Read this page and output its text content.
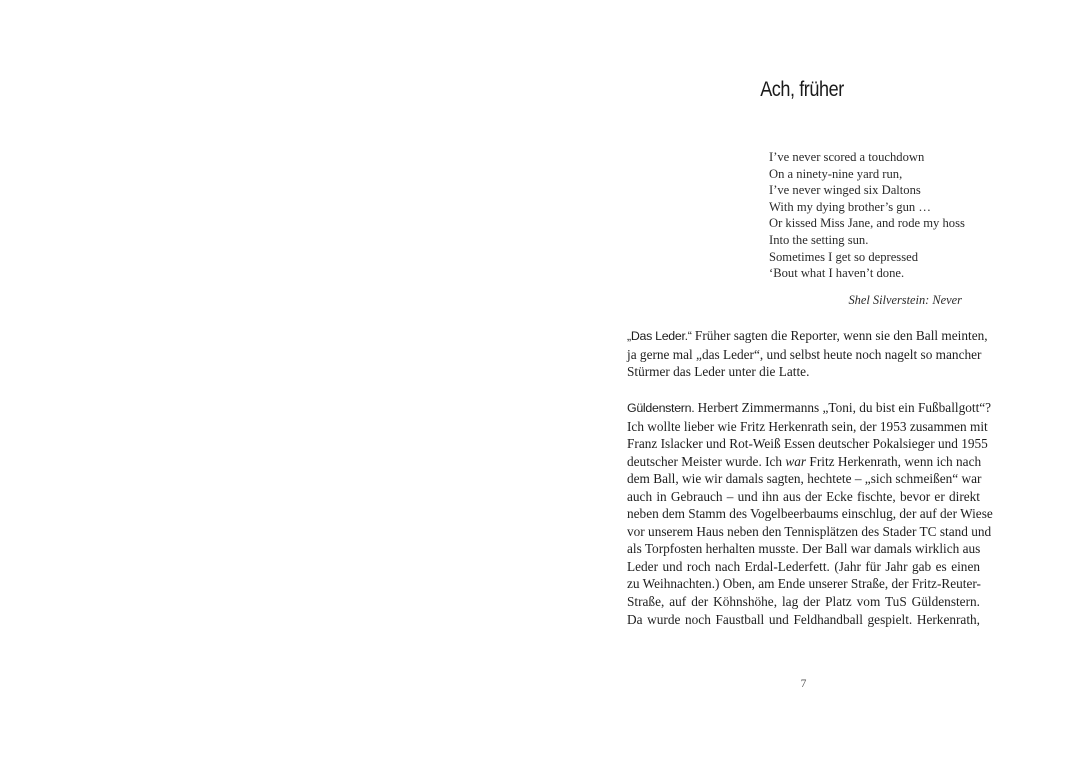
Ach, früher
I’ve never scored a touchdown
On a ninety-nine yard run,
I’ve never winged six Daltons
With my dying brother’s gun …
Or kissed Miss Jane, and rode my hoss
Into the setting sun.
Sometimes I get so depressed
‘Bout what I haven’t done.
Shel Silverstein: Never
„Das Leder.“ Früher sagten die Reporter, wenn sie den Ball meinten,
ja gerne mal „das Leder“, und selbst heute noch nagelt so mancher
Stürmer das Leder unter die Latte.
Güldenstern. Herbert Zimmermanns „Toni, du bist ein Fußballgott“?
Ich wollte lieber wie Fritz Herkenrath sein, der 1953 zusammen mit
Franz Islacker und Rot-Weiß Essen deutscher Pokalsieger und 1955
deutscher Meister wurde. Ich war Fritz Herkenrath, wenn ich nach
dem Ball, wie wir damals sagten, hechtete – „sich schmeißen“ war
auch in Gebrauch – und ihn aus der Ecke fischte, bevor er direkt
neben dem Stamm des Vogelbeerbaums einschlug, der auf der Wiese
vor unserem Haus neben den Tennisplätzen des Stader TC stand und
als Torpfosten herhalten musste. Der Ball war damals wirklich aus
Leder und roch nach Erdal-Lederfett. (Jahr für Jahr gab es einen
zu Weihnachten.) Oben, am Ende unserer Straße, der Fritz-Reuter-
Straße, auf der Köhnshöhe, lag der Platz vom TuS Güldenstern.
Da wurde noch Faustball und Feldhandball gespielt. Herkenrath,
7
